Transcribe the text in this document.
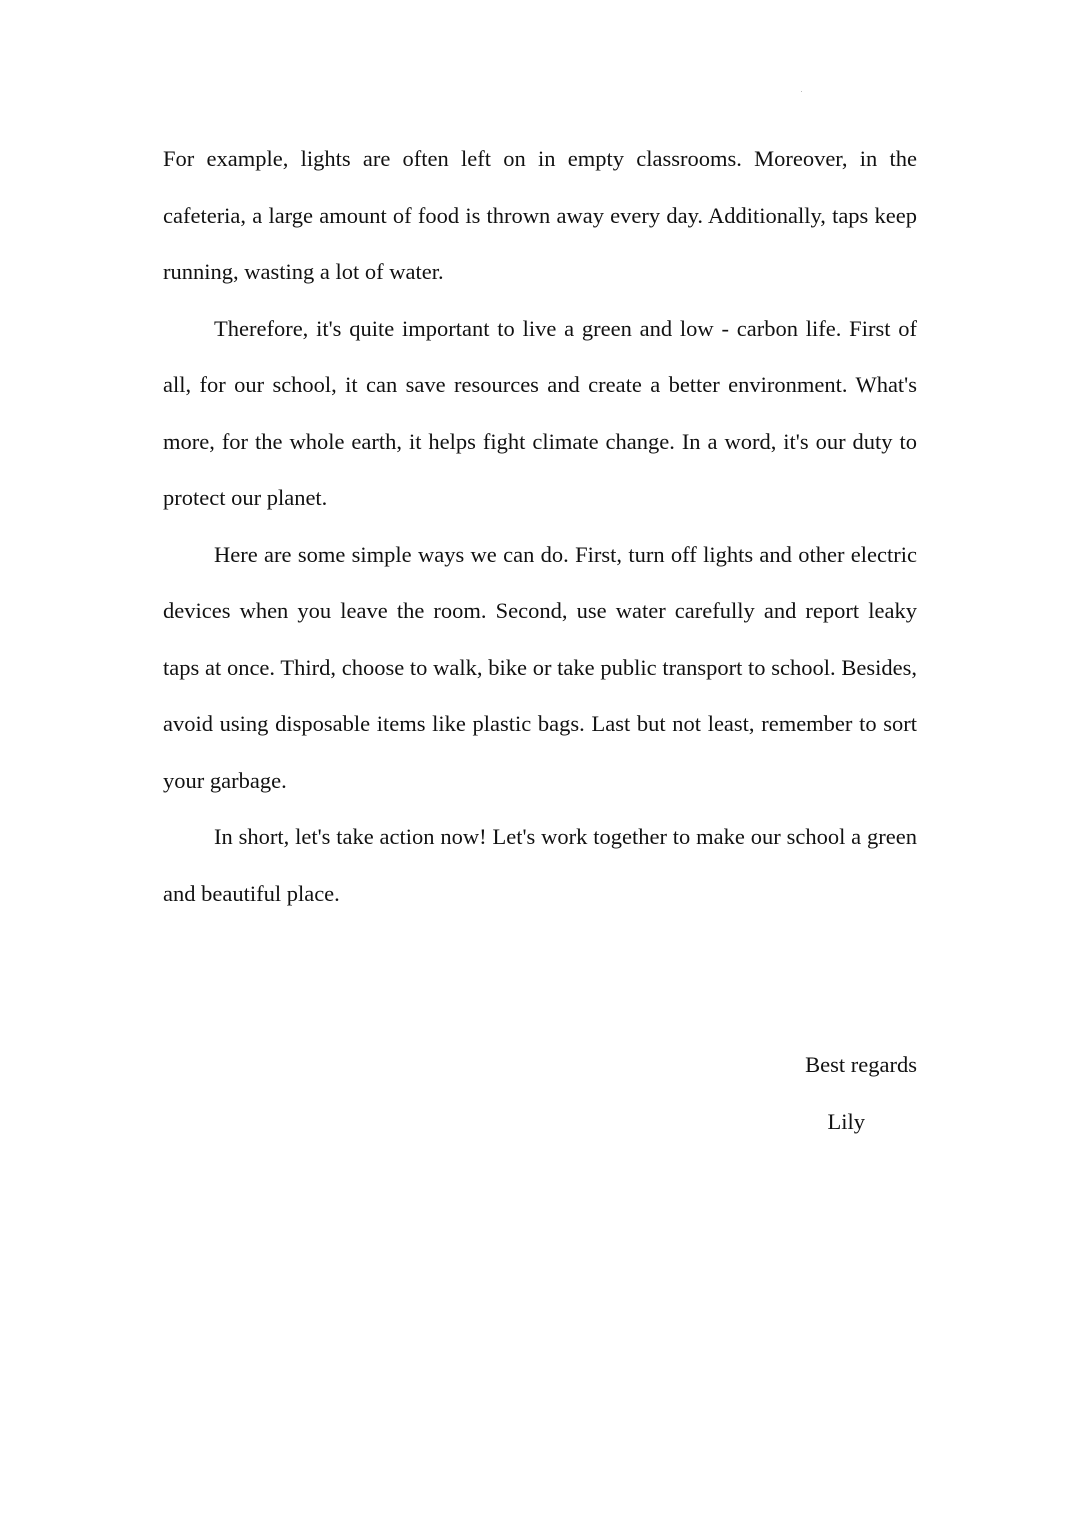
For example, lights are often left on in empty classrooms. Moreover, in the cafeteria, a large amount of food is thrown away every day. Additionally, taps keep running, wasting a lot of water.

Therefore, it's quite important to live a green and low - carbon life. First of all, for our school, it can save resources and create a better environment. What's more, for the whole earth, it helps fight climate change. In a word, it's our duty to protect our planet.

Here are some simple ways we can do. First, turn off lights and other electric devices when you leave the room. Second, use water carefully and report leaky taps at once. Third, choose to walk, bike or take public transport to school. Besides, avoid using disposable items like plastic bags. Last but not least, remember to sort your garbage.

In short, let's take action now! Let's work together to make our school a green and beautiful place.

Best regards
Lily
